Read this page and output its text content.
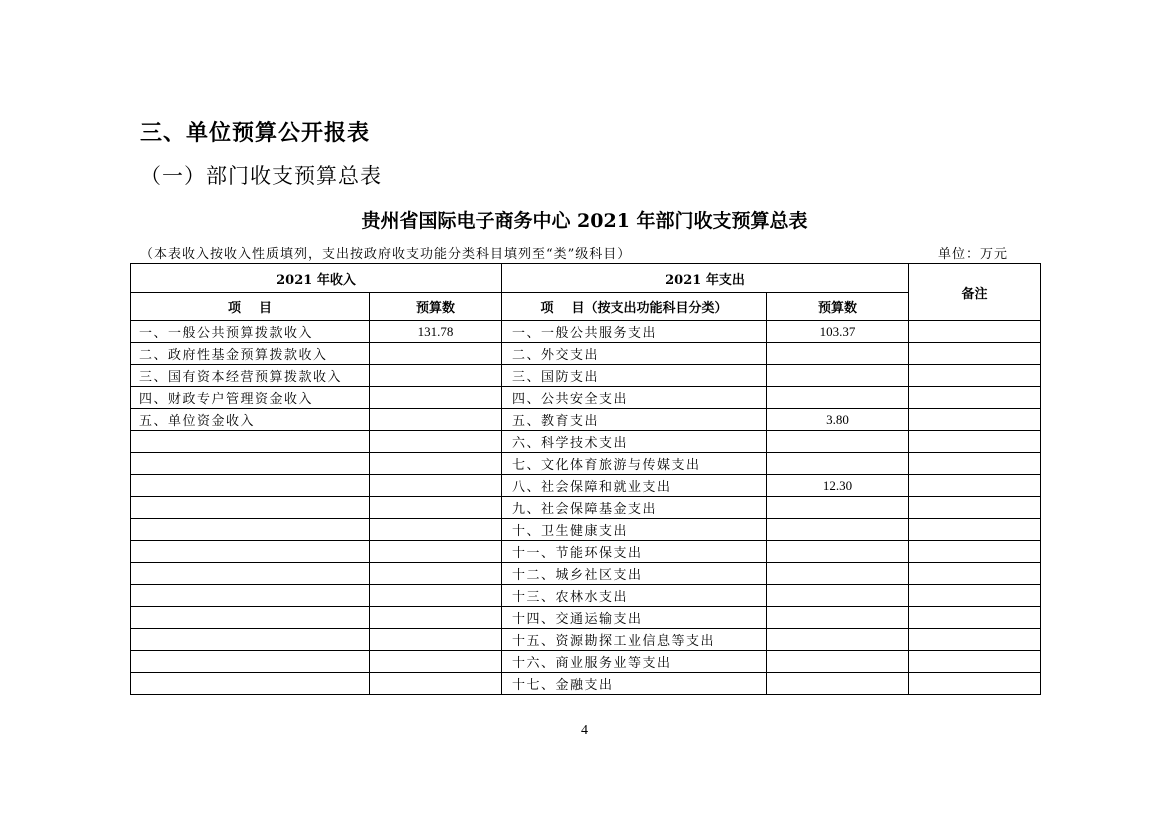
三、单位预算公开报表
（一）部门收支预算总表
贵州省国际电子商务中心 2021 年部门收支预算总表
（本表收入按收入性质填列，支出按政府收支功能分类科目填列至“类”级科目）	单位：万元
2021 年收入		2021 年支出		备注
项    目	预算数	项    目（按支出功能科目分类）	预算数	
一、一般公共预算拨款收入	131.78	一、一般公共服务支出	103.37	
二、政府性基金预算拨款收入		二、外交支出		
三、国有资本经营预算拨款收入		三、国防支出		
四、财政专户管理资金收入		四、公共安全支出		
五、单位资金收入		五、教育支出	3.80	
		六、科学技术支出		
		七、文化体育旅游与传媒支出		
		八、社会保障和就业支出	12.30	
		九、社会保障基金支出		
		十、卫生健康支出		
		十一、节能环保支出		
		十二、城乡社区支出		
		十三、农林水支出		
		十四、交通运输支出		
		十五、资源勘探工业信息等支出		
		十六、商业服务业等支出		
		十七、金融支出		
4
